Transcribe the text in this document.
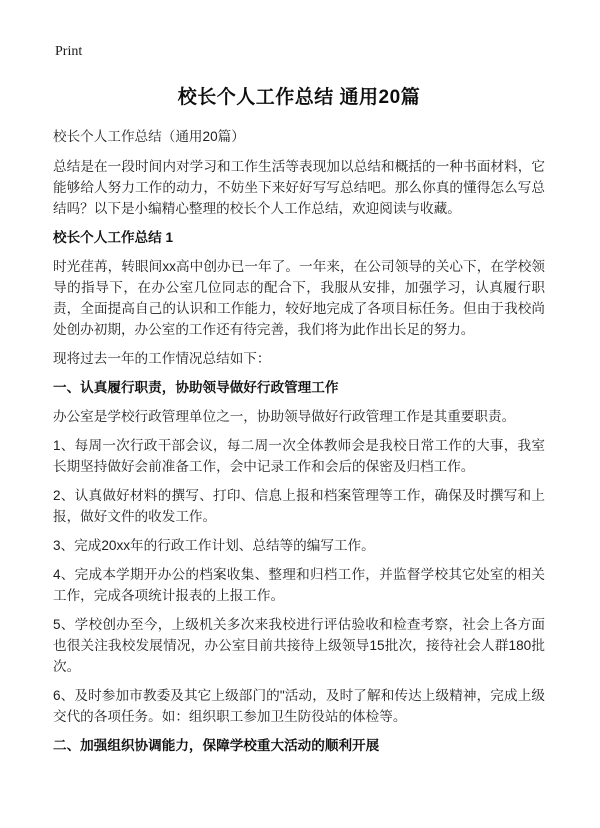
Print
校长个人工作总结 通用20篇
校长个人工作总结（通用20篇）
总结是在一段时间内对学习和工作生活等表现加以总结和概括的一种书面材料，它能够给人努力工作的动力，不妨坐下来好好写写总结吧。那么你真的懂得怎么写总结吗？以下是小编精心整理的校长个人工作总结，欢迎阅读与收藏。
校长个人工作总结 1
时光荏苒，转眼间xx高中创办已一年了。一年来，在公司领导的关心下，在学校领导的指导下，在办公室几位同志的配合下，我服从安排，加强学习，认真履行职责，全面提高自己的认识和工作能力，较好地完成了各项目标任务。但由于我校尚处创办初期，办公室的工作还有待完善，我们将为此作出长足的努力。
现将过去一年的工作情况总结如下：
一、认真履行职责，协助领导做好行政管理工作
办公室是学校行政管理单位之一，协助领导做好行政管理工作是其重要职责。
1、每周一次行政干部会议，每二周一次全体教师会是我校日常工作的大事，我室长期坚持做好会前准备工作，会中记录工作和会后的保密及归档工作。
2、认真做好材料的撰写、打印、信息上报和档案管理等工作，确保及时撰写和上报，做好文件的收发工作。
3、完成20xx年的行政工作计划、总结等的编写工作。
4、完成本学期开办公的档案收集、整理和归档工作，并监督学校其它处室的相关工作，完成各项统计报表的上报工作。
5、学校创办至今，上级机关多次来我校进行评估验收和检查考察，社会上各方面也很关注我校发展情况，办公室目前共接待上级领导15批次，接待社会人群180批次。
6、及时参加市教委及其它上级部门的"活动，及时了解和传达上级精神，完成上级交代的各项任务。如：组织职工参加卫生防役站的体检等。
二、加强组织协调能力，保障学校重大活动的顺利开展
